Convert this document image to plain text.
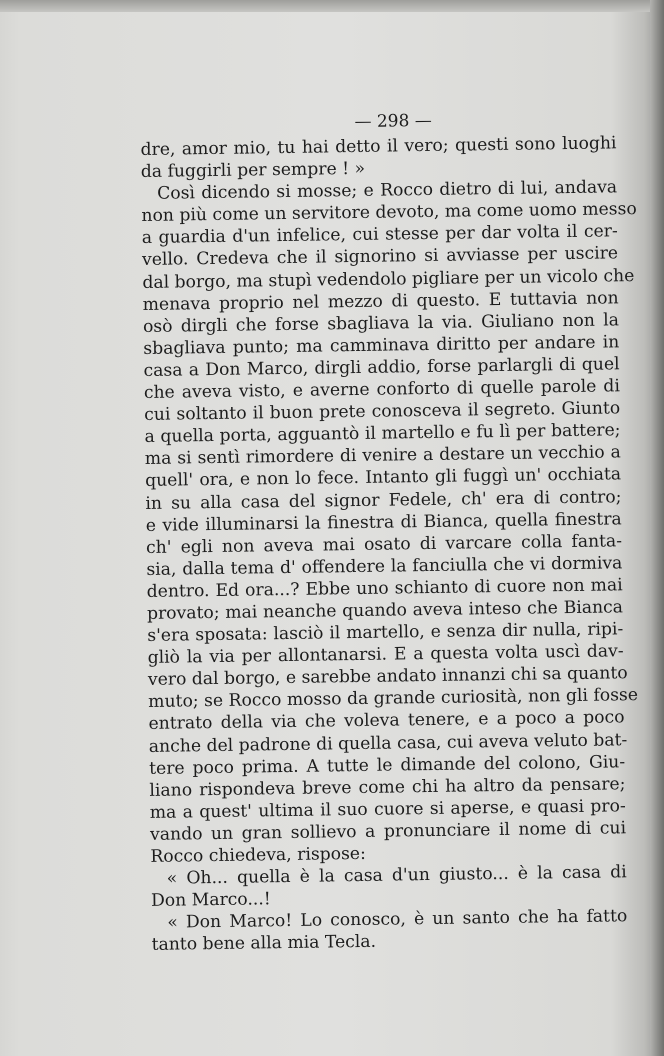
— 298 —
dre, amor mio, tu hai detto il vero; questi sono luoghi
da fuggirli per sempre ! »
Così dicendo si mosse; e Rocco dietro di lui, andava
non più come un servitore devoto, ma come uomo messo
a guardia d'un infelice, cui stesse per dar volta il cer-
vello. Credeva che il signorino si avviasse per uscire
dal borgo, ma stupì vedendolo pigliare per un vicolo che
menava proprio nel mezzo di questo. E tuttavia non
osò dirgli che forse sbagliava la via. Giuliano non la
sbagliava punto; ma camminava diritto per andare in
casa a Don Marco, dirgli addio, forse parlargli di quel
che aveva visto, e averne conforto di quelle parole di
cui soltanto il buon prete conosceva il segreto. Giunto
a quella porta, agguantò il martello e fu lì per battere;
ma si sentì rimordere di venire a destare un vecchio a
quell' ora, e non lo fece. Intanto gli fuggì un' occhiata
in su alla casa del signor Fedele, ch' era di contro;
e vide illuminarsi la finestra di Bianca, quella finestra
ch' egli non aveva mai osato di varcare colla fanta-
sia, dalla tema d' offendere la fanciulla che vi dormiva
dentro. Ed ora...? Ebbe uno schianto di cuore non mai
provato; mai neanche quando aveva inteso che Bianca
s'era sposata: lasciò il martello, e senza dir nulla, ripi-
gliò la via per allontanarsi. E a questa volta uscì dav-
vero dal borgo, e sarebbe andato innanzi chi sa quanto
muto; se Rocco mosso da grande curiosità, non gli fosse
entrato della via che voleva tenere, e a poco a poco
anche del padrone di quella casa, cui aveva veluto bat-
tere poco prima. A tutte le dimande del colono, Giu-
liano rispondeva breve come chi ha altro da pensare;
ma a quest' ultima il suo cuore si aperse, e quasi pro-
vando un gran sollievo a pronunciare il nome di cui
Rocco chiedeva, rispose:
« Oh... quella è la casa d'un giusto... è la casa di
Don Marco...!
« Don Marco! Lo conosco, è un santo che ha fatto
tanto bene alla mia Tecla.
